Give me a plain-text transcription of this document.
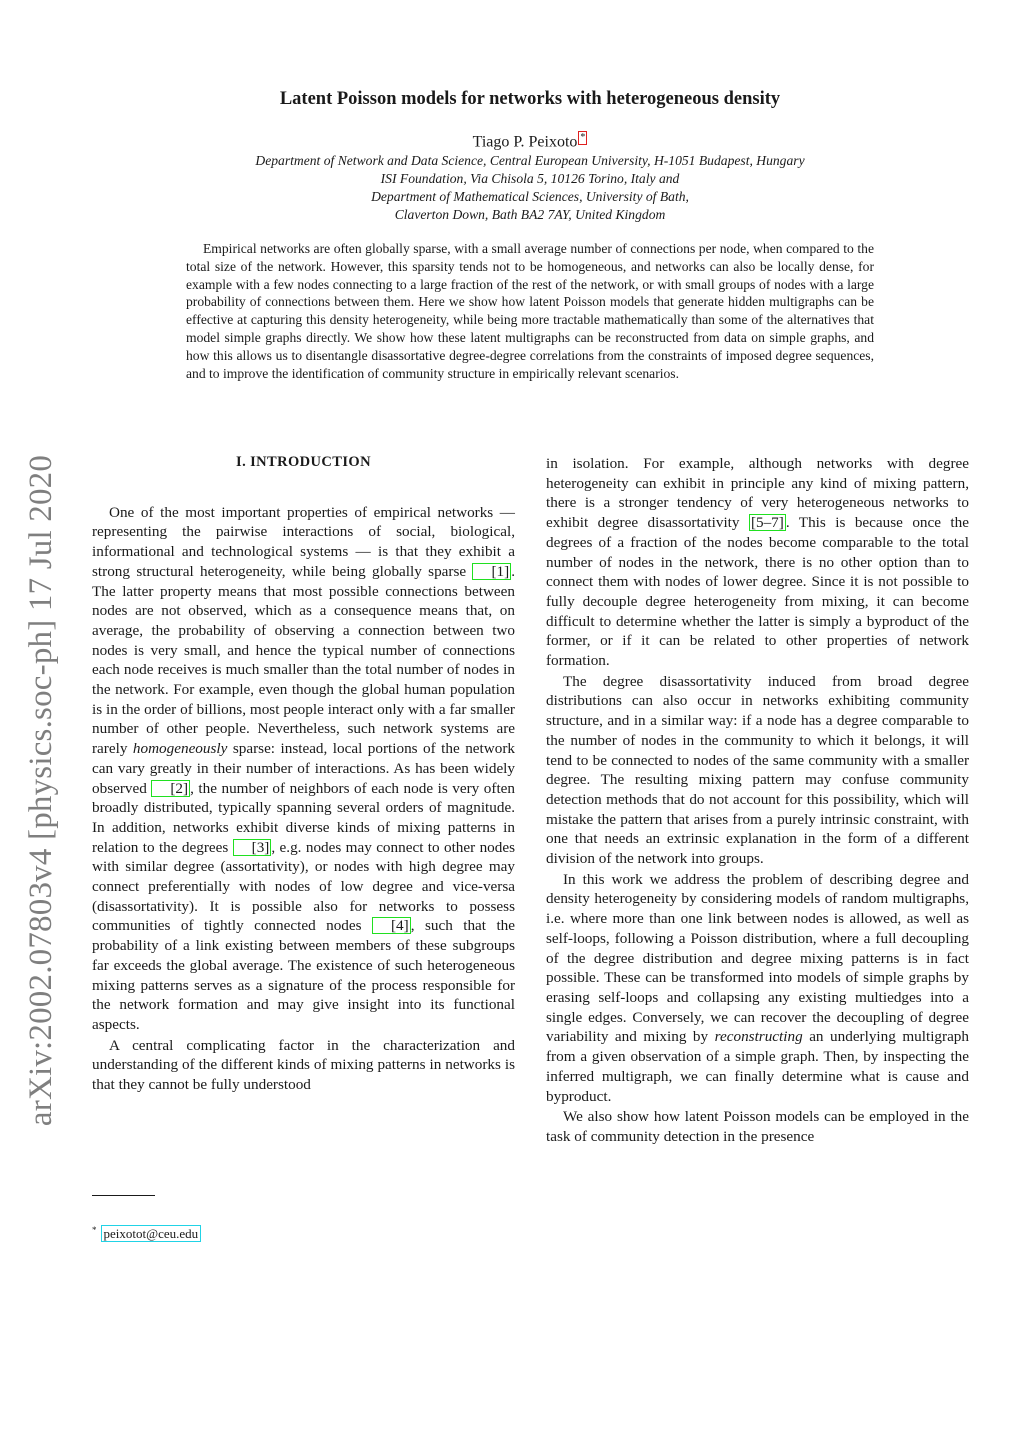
arXiv:2002.07803v4 [physics.soc-ph] 17 Jul 2020
Latent Poisson models for networks with heterogeneous density
Tiago P. Peixoto *
Department of Network and Data Science, Central European University, H-1051 Budapest, Hungary
ISI Foundation, Via Chisola 5, 10126 Torino, Italy and
Department of Mathematical Sciences, University of Bath,
Claverton Down, Bath BA2 7AY, United Kingdom

Empirical networks are often globally sparse, with a small average number of connections per node, when compared to the total size of the network. However, this sparsity tends not to be homogeneous, and networks can also be locally dense, for example with a few nodes connecting to a large fraction of the rest of the network, or with small groups of nodes with a large probability of connections between them. Here we show how latent Poisson models that generate hidden multigraphs can be effective at capturing this density heterogeneity, while being more tractable mathematically than some of the alternatives that model simple graphs directly. We show how these latent multigraphs can be reconstructed from data on simple graphs, and how this allows us to disentangle disassortative degree-degree correlations from the constraints of imposed degree sequences, and to improve the identification of community structure in empirically relevant scenarios.

I. INTRODUCTION

One of the most important properties of empirical networks — representing the pairwise interactions of social, biological, informational and technological systems — is that they exhibit a strong structural heterogeneity, while being globally sparse [1] . The latter property means that most possible connections between nodes are not observed, which as a consequence means that, on average, the probability of observing a connection between two nodes is very small, and hence the typical number of connections each node receives is much smaller than the total number of nodes in the network. For example, even though the global human population is in the order of billions, most people interact only with a far smaller number of other people. Nevertheless, such network systems are rarely homogeneously sparse: instead, local portions of the network can vary greatly in their number of interactions. As has been widely observed [2] , the number of neighbors of each node is very often broadly distributed, typically spanning several orders of magnitude. In addition, networks exhibit diverse kinds of mixing patterns in relation to the degrees [3] , e.g. nodes may connect to other nodes with similar degree (assortativity), or nodes with high degree may connect preferentially with nodes of low degree and vice-versa (disassortativity). It is possible also for networks to possess communities of tightly connected nodes [4] , such that the probability of a link existing between members of these subgroups far exceeds the global average. The existence of such heterogeneous mixing patterns serves as a signature of the process responsible for the network formation and may give insight into its functional aspects.

A central complicating factor in the characterization and understanding of the different kinds of mixing patterns in networks is that they cannot be fully understood

in isolation. For example, although networks with degree heterogeneity can exhibit in principle any kind of mixing pattern, there is a stronger tendency of very heterogeneous networks to exhibit degree disassortativity [5–7] . This is because once the degrees of a fraction of the nodes become comparable to the total number of nodes in the network, there is no other option than to connect them with nodes of lower degree. Since it is not possible to fully decouple degree heterogeneity from mixing, it can become difficult to determine whether the latter is simply a byproduct of the former, or if it can be related to other properties of network formation.

The degree disassortativity induced from broad degree distributions can also occur in networks exhibiting community structure, and in a similar way: if a node has a degree comparable to the number of nodes in the community to which it belongs, it will tend to be connected to nodes of the same community with a smaller degree. The resulting mixing pattern may confuse community detection methods that do not account for this possibility, which will mistake the pattern that arises from a purely intrinsic constraint, with one that needs an extrinsic explanation in the form of a different division of the network into groups.

In this work we address the problem of describing degree and density heterogeneity by considering models of random multigraphs, i.e. where more than one link between nodes is allowed, as well as self-loops, following a Poisson distribution, where a full decoupling of the degree distribution and degree mixing patterns is in fact possible. These can be transformed into models of simple graphs by erasing self-loops and collapsing any existing multiedges into a single edges. Conversely, we can recover the decoupling of degree variability and mixing by reconstructing an underlying multigraph from a given observation of a simple graph. Then, by inspecting the inferred multigraph, we can finally determine what is cause and byproduct.

We also show how latent Poisson models can be employed in the task of community detection in the presence

* peixotot@ceu.edu
